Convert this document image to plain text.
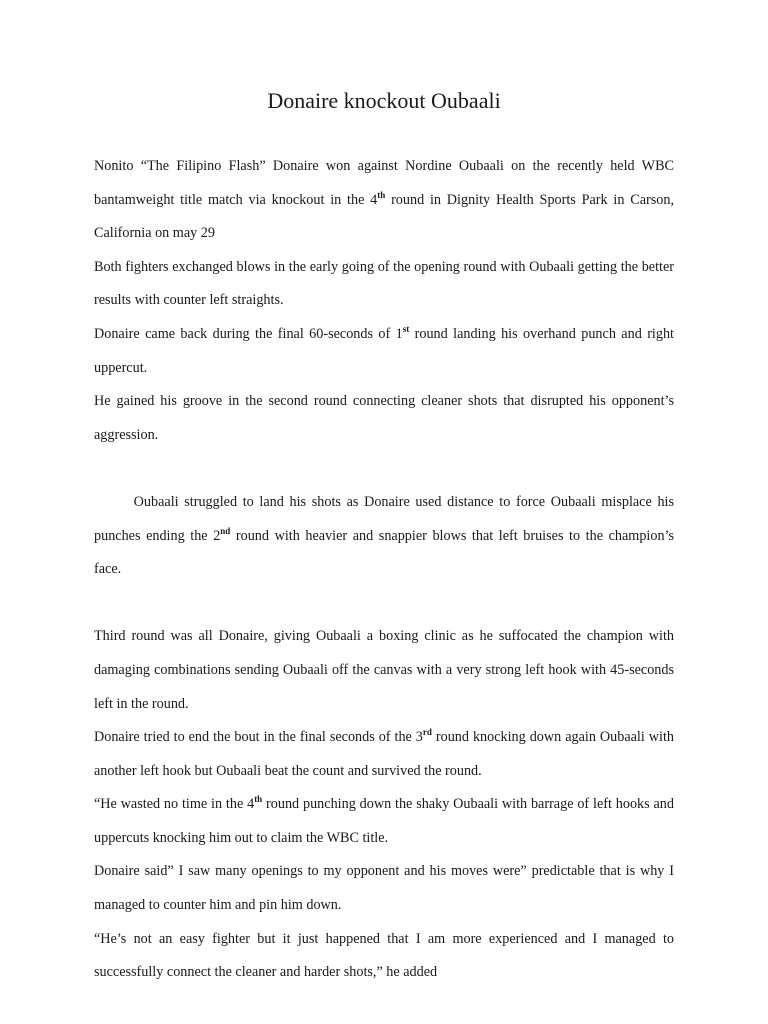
Donaire knockout Oubaali

Nonito “The Filipino Flash” Donaire won against Nordine Oubaali on the recently held WBC bantamweight title match via knockout in the 4th round in Dignity Health Sports Park in Carson, California on may 29

Both fighters exchanged blows in the early going of the opening round with Oubaali getting the better results with counter left straights.

Donaire came back during the final 60-seconds of 1st round landing his overhand punch and right uppercut.

He gained his groove in the second round connecting cleaner shots that disrupted his opponent’s aggression.

Oubaali struggled to land his shots as Donaire used distance to force Oubaali misplace his punches ending the 2nd round with heavier and snappier blows that left bruises to the champion’s face.

Third round was all Donaire, giving Oubaali a boxing clinic as he suffocated the champion with damaging combinations sending Oubaali off the canvas with a very strong left hook with 45-seconds left in the round.

Donaire tried to end the bout in the final seconds of the 3rd round knocking down again Oubaali with another left hook but Oubaali beat the count and survived the round.

“He wasted no time in the 4th round punching down the shaky Oubaali with barrage of left hooks and uppercuts knocking him out to claim the WBC title.

Donaire said” I saw many openings to my opponent and his moves were” predictable that is why I managed to counter him and pin him down.

“He’s not an easy fighter but it just happened that I am more experienced and I managed to successfully connect the cleaner and harder shots,” he added
